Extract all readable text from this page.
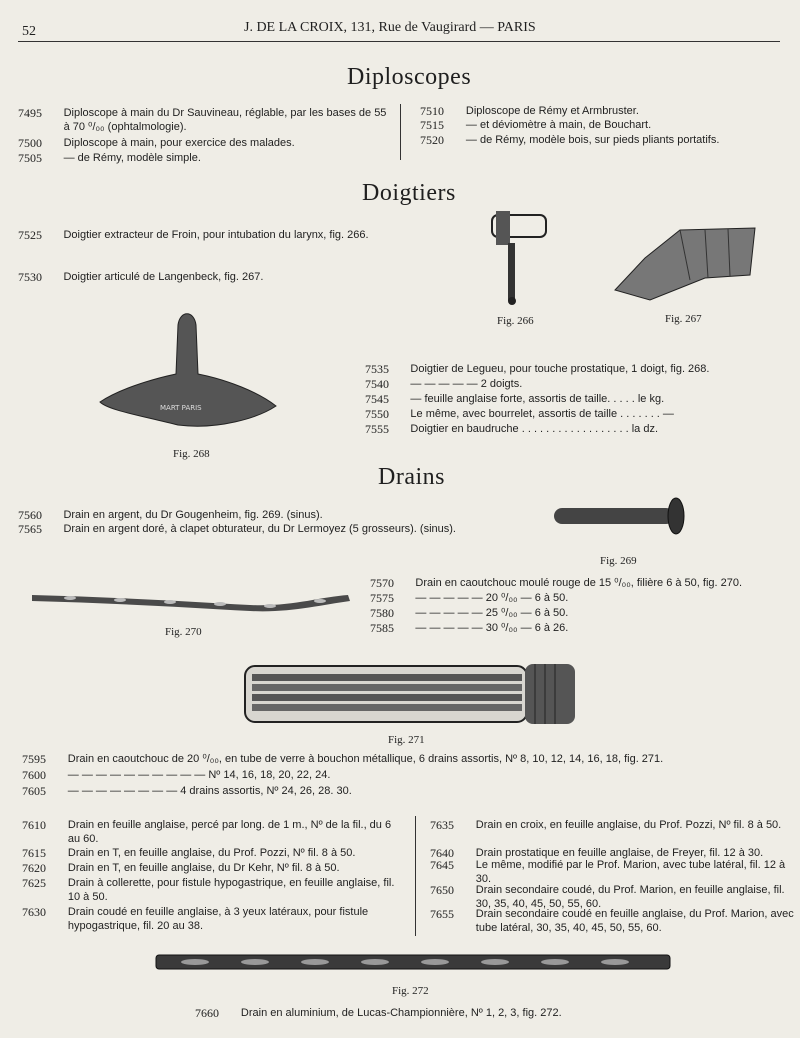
52	J. DE LA CROIX, 131, Rue de Vaugirard — PARIS
Diploscopes
7495	Diploscope à main du Dr Sauvineau, réglable, par les bases de 55 à 70 ⁰/₀₀ (ophtalmologie).
7500	Diploscope à main, pour exercice des malades.
7505	— de Rémy, modèle simple.
7510	Diploscope de Rémy et Armbruster.
7515	— et déviomètre à main, de Bouchart.
7520	— de Rémy, modèle bois, sur pieds pliants portatifs.
Doigtiers
7525	Doigtier extracteur de Froin, pour intubation du larynx, fig. 266.
7530	Doigtier articulé de Langenbeck, fig. 267.
Fig. 266	Fig. 267
MART PARIS
Fig. 268
7535	Doigtier de Legueu, pour touche prostatique, 1 doigt, fig. 268.
7540	— — — — — 2 doigts.
7545	— feuille anglaise forte, assortis de taille. . . . . le kg.
7550	Le même, avec bourrelet, assortis de taille . . . . . . . —
7555	Doigtier en baudruche . . . . . . . . . . . . . . . . . . la dz.
Drains
7560	Drain en argent, du Dr Gougenheim, fig. 269. (sinus).
7565	Drain en argent doré, à clapet obturateur, du Dr Lermoyez (5 grosseurs). (sinus).
Fig. 269
Fig. 270
7570	Drain en caoutchouc moulé rouge de 15 ⁰/₀₀, filière 6 à 50, fig. 270.
7575	— — — — — 20 ⁰/₀₀ — 6 à 50.
7580	— — — — — 25 ⁰/₀₀ — 6 à 50.
7585	— — — — — 30 ⁰/₀₀ — 6 à 26.
Fig. 271
7595	Drain en caoutchouc de 20 ⁰/₀₀, en tube de verre à bouchon métallique, 6 drains assortis, Nº 8, 10, 12, 14, 16, 18, fig. 271.
7600	— — — — — — — — — — Nº 14, 16, 18, 20, 22, 24.
7605	— — — — — — — — 4 drains assortis, Nº 24, 26, 28. 30.
7610	Drain en feuille anglaise, percé par long. de 1 m., Nº de la fil., du 6 au 60.
7615	Drain en T, en feuille anglaise, du Prof. Pozzi, Nº fil. 8 à 50.
7620	Drain en T, en feuille anglaise, du Dr Kehr, Nº fil. 8 à 50.
7625	Drain à collerette, pour fistule hypogastrique, en feuille anglaise, fil. 10 à 50.
7630	Drain coudé en feuille anglaise, à 3 yeux latéraux, pour fistule hypogastrique, fil. 20 au 38.
7635	Drain en croix, en feuille anglaise, du Prof. Pozzi, Nº fil. 8 à 50.
7640	Drain prostatique en feuille anglaise, de Freyer, fil. 12 à 30.
7645	Le même, modifié par le Prof. Marion, avec tube latéral, fil. 12 à 30.
7650	Drain secondaire coudé, du Prof. Marion, en feuille anglaise, fil. 30, 35, 40, 45, 50, 55, 60.
7655	Drain secondaire coudé en feuille anglaise, du Prof. Marion, avec tube latéral, 30, 35, 40, 45, 50, 55, 60.
Fig. 272
7660	Drain en aluminium, de Lucas-Championnière, Nº 1, 2, 3, fig. 272.
